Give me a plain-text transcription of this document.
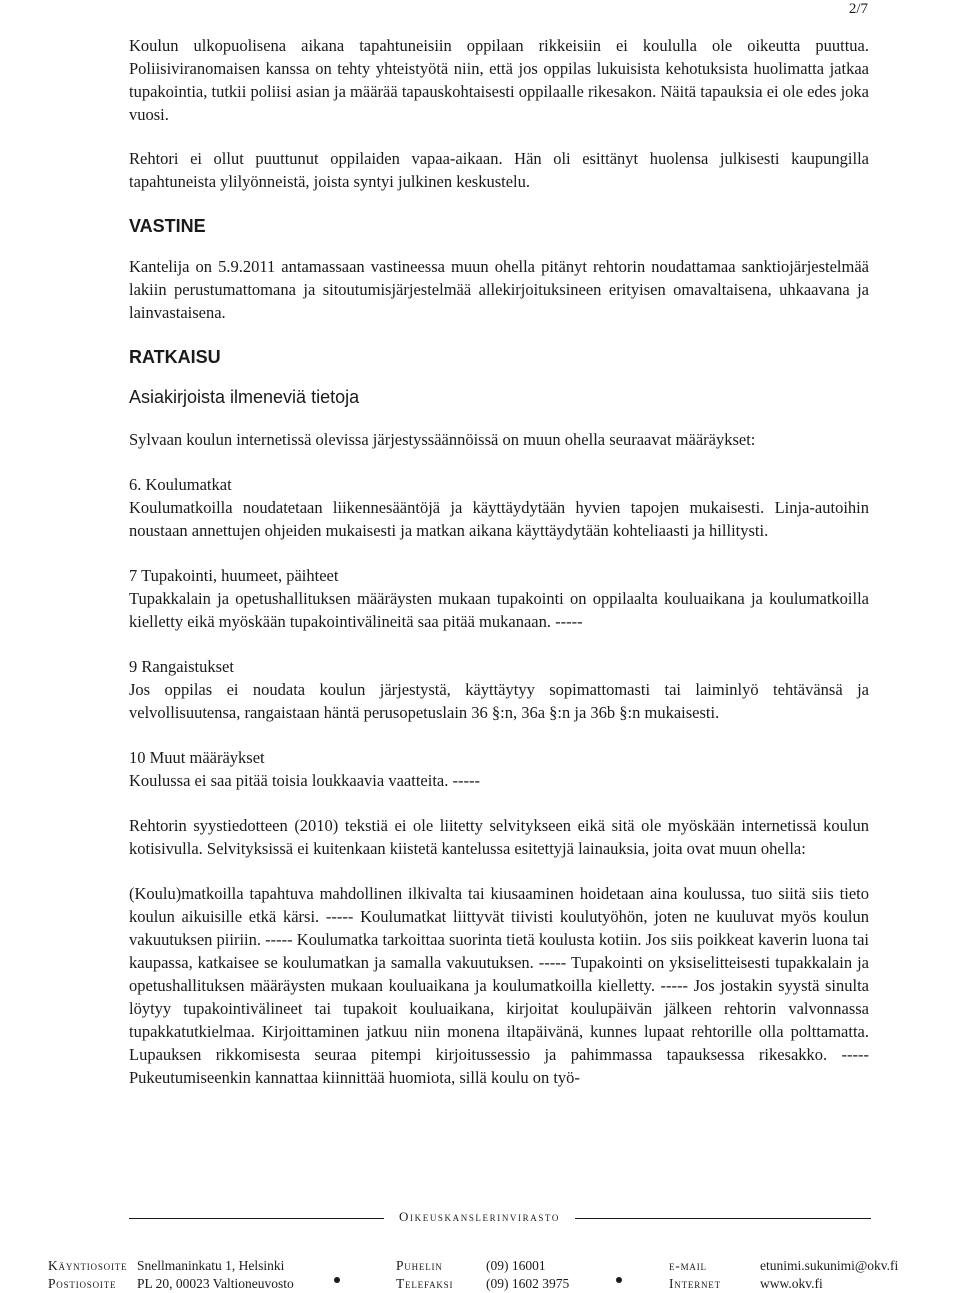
2/7

Koulun ulkopuolisena aikana tapahtuneisiin oppilaan rikkeisiin ei koululla ole oikeutta puuttua. Poliisiviranomaisen kanssa on tehty yhteistyötä niin, että jos oppilas lukuisista kehotuksista huolimatta jatkaa tupakointia, tutkii poliisi asian ja määrää tapauskohtaisesti oppilaalle rikesakon. Näitä tapauksia ei ole edes joka vuosi.

Rehtori ei ollut puuttunut oppilaiden vapaa-aikaan. Hän oli esittänyt huolensa julkisesti kaupungilla tapahtuneista ylilyönneistä, joista syntyi julkinen keskustelu.

VASTINE

Kantelija on 5.9.2011 antamassaan vastineessa muun ohella pitänyt rehtorin noudattamaa sanktiojärjestelmää lakiin perustumattomana ja sitoutumisjärjestelmää allekirjoituksineen erityisen omavaltaisena, uhkaavana ja lainvastaisena.

RATKAISU
Asiakirjoista ilmeneviä tietoja

Sylvaan koulun internetissä olevissa järjestyssäännöissä on muun ohella seuraavat määräykset:

6. Koulumatkat

Koulumatkoilla noudatetaan liikennesääntöjä ja käyttäydytään hyvien tapojen mukaisesti. Linja-autoihin noustaan annettujen ohjeiden mukaisesti ja matkan aikana käyttäydytään kohteliaasti ja hillitysti.

7 Tupakointi, huumeet, päihteet

Tupakkalain ja opetushallituksen määräysten mukaan tupakointi on oppilaalta kouluaikana ja koulumatkoilla kielletty eikä myöskään tupakointivälineitä saa pitää mukanaan. -----

9 Rangaistukset

Jos oppilas ei noudata koulun järjestystä, käyttäytyy sopimattomasti tai laiminlyö tehtävänsä ja velvollisuutensa, rangaistaan häntä perusopetuslain 36 §:n, 36a §:n ja 36b §:n mukaisesti.

10 Muut määräykset

Koulussa ei saa pitää toisia loukkaavia vaatteita. -----

Rehtorin syystiedotteen (2010) tekstiä ei ole liitetty selvitykseen eikä sitä ole myöskään internetissä koulun kotisivulla. Selvityksissä ei kuitenkaan kiistetä kantelussa esitettyjä lainauksia, joita ovat muun ohella:

(Koulu)matkoilla tapahtuva mahdollinen ilkivalta tai kiusaaminen hoidetaan aina koulussa, tuo siitä siis tieto koulun aikuisille etkä kärsi. ----- Koulumatkat liittyvät tiivisti koulutyöhön, joten ne kuuluvat myös koulun vakuutuksen piiriin. ----- Koulumatka tarkoittaa suorinta tietä koulusta kotiin. Jos siis poikkeat kaverin luona tai kaupassa, katkaisee se koulumatkan ja samalla vakuutuksen. ----- Tupakointi on yksiselitteisesti tupakkalain ja opetushallituksen määräysten mukaan kouluaikana ja koulumatkoilla kielletty. ----- Jos jostakin syystä sinulta löytyy tupakointivälineet tai tupakoit kouluaikana, kirjoitat koulupäivän jälkeen rehtorin valvonnassa tupakkatutkielmaa. Kirjoittaminen jatkuu niin monena iltapäivänä, kunnes lupaat rehtorille olla polttamatta. Lupauksen rikkomisesta seuraa pitempi kirjoitussessio ja pahimmassa tapauksessa rikesakko. ----- Pukeutumiseenkin kannattaa kiinnittää huomiota, sillä koulu on työ-

Oikeuskanslerinvirasto
Käyntiosoite
Postiosoite
Snellmaninkatu 1, Helsinki
PL 20, 00023 Valtioneuvosto
Puhelin
Telefaksi
(09) 16001
(09) 1602 3975
e-mail
Internet
etunimi.sukunimi@okv.fi
www.okv.fi
